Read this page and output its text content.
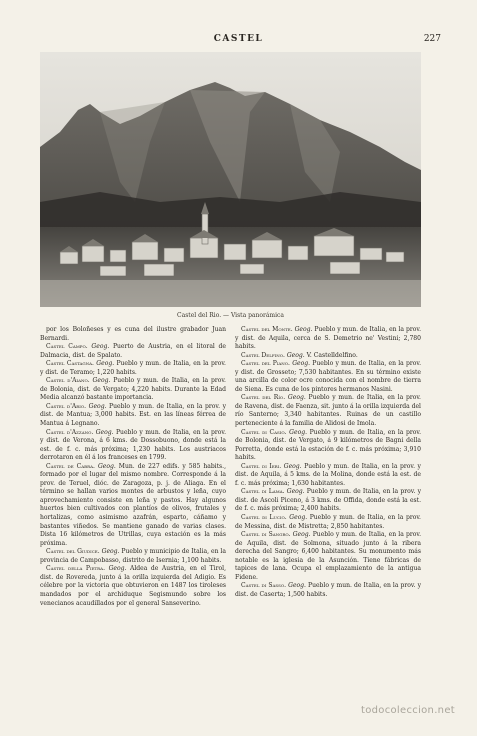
CASTEL	227
Castel del Rio. — Vista panorámica

por los Boloñeses y es cuna del ilustre grabador Juan Bernardi.

Castel Campo. Geog. Puerto de Austria, en el litoral de Dalmacia, dist. de Spalato.

Castel Castagna. Geog. Pueblo y mun. de Italia, en la prov. y dist. de Teramo; 1,220 habits.

Castel d'Aiano. Geog. Pueblo y mun. de Italia, en la prov. de Bolonia, dist. de Vergato; 4,220 habits. Durante la Edad Media alcanzó bastante importancia.

Castel d'Ario. Geog. Pueblo y mun. de Italia, en la prov. y dist. de Mantua; 3,000 habits. Est. en las líneas férrea de Mantua á Legnano.

Castel d'Azzano. Geog. Pueblo y mun. de Italia, en la prov. y dist. de Verona, á 6 kms. de Dossobuono, donde está la est. de f. c. más próxima; 1,230 habits. Los austriacos derrotaron en él á los franceses en 1799.

Castel de Cabra. Geog. Mun. de 227 edifs. y 585 habits., formado por el lugar del mismo nombre. Corresponde á la prov. de Teruel, dióc. de Zaragoza, p. j. de Aliaga. En el término se hallan varios montes de arbustos y leña, cuyo aprovechamiento consiste en leña y pastos. Hay algunos huertos bien cultivados con plantíos de olivos, frutales y hortalizas, como asimismo azafrán, esparto, cáñamo y bastantes viñedos. Se mantiene ganado de varias clases. Dista 16 kilómetros de Utrillas, cuya estación es la más próxima.

Castel del Giudice. Geog. Pueblo y municipio de Italia, en la provincia de Campobasso, distrito de Isernia; 1,100 habits.

Castel della Pietra. Geog. Aldea de Austria, en el Tirol, dist. de Rovereda, junto á la orilla izquierda del Adigio. Es célebre por la victoria que obtuvieron en 1487 los tiroleses mandados por el archiduque Segismundo sobre los venecianos acaudillados por el general Sanseverino.

Castel del Monte. Geog. Pueblo y mun. de Italia, en la prov. y dist. de Aquila, cerca de S. Demetrio ne' Vestini; 2,780 habits.

Castel Delfino. Geog. V. Castelldelfino.

Castel del Piano. Geog. Pueblo y mun. de Italia, en la prov. y dist. de Grosseto; 7,530 habitantes. En su término existe una arcilla de color ocre conocida con el nombre de tierra de Siena. Es cuna de los pintores hermanos Nasini.

Castel del Río. Geog. Pueblo y mun. de Italia, en la prov. de Ravena, dist. de Faenza, sit. junto á la orilla izquierda del río Santerno; 3,340 habitantes. Ruinas de un castillo perteneciente á la familia de Alidosi de Imola.

Castel di Casio. Geog. Pueblo y mun. de Italia, en la prov. de Bolonia, dist. de Vergato, á 9 kilómetros de Bagni della Porretta, donde está la estación de f. c. más próxima; 3,910 habits.

Castel di Ieri. Geog. Pueblo y mun. de Italia, en la prov. y dist. de Aquila, á 5 kms. de la Molina, donde está la est. de f. c. más próxima; 1,630 habitantes.

Castel di Lama. Geog. Pueblo y mun. de Italia, en la prov. y dist. de Ascoli Piceno, á 3 kms. de Offida, donde está la est. de f. c. más próxima; 2,400 habits.

Castel di Lucio. Geog. Pueblo y mun. de Italia, en la prov. de Messina, dist. de Mistretta; 2,850 habitantes.

Castel di Sangro. Geog. Pueblo y mun. de Italia, en la prov. de Aquila, dist. de Solmona, situado junto á la ribera derecha del Sangro; 6,400 habitantes. Su monumento más notable es la iglesia de la Asunción. Tiene fábricas de tapices de lana. Ocupa el emplazamiento de la antigua Fidene.

Castel di Sasso. Geog. Pueblo y mun. de Italia, en la prov. y dist. de Caserta; 1,500 habits.

todocoleccion.net
